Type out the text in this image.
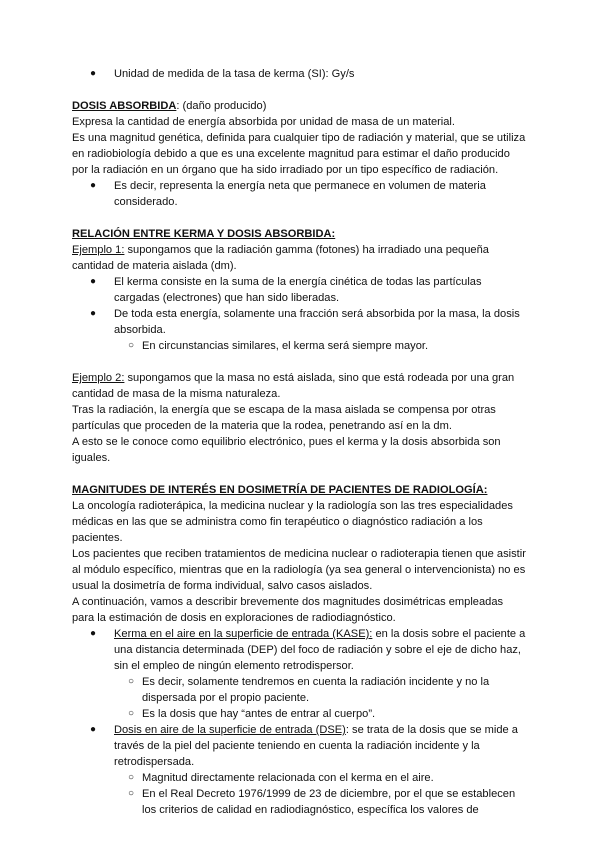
● Unidad de medida de la tasa de kerma (SI): Gy/s

DOSIS ABSORBIDA: (daño producido)

Expresa la cantidad de energía absorbida por unidad de masa de un material.

Es una magnitud genética, definida para cualquier tipo de radiación y material, que se utiliza en radiobiología debido a que es una excelente magnitud para estimar el daño producido por la radiación en un órgano que ha sido irradiado por un tipo específico de radiación.

● Es decir, representa la energía neta que permanece en volumen de materia considerado.

RELACIÓN ENTRE KERMA Y DOSIS ABSORBIDA:

Ejemplo 1: supongamos que la radiación gamma (fotones) ha irradiado una pequeña cantidad de materia aislada (dm).

● El kerma consiste en la suma de la energía cinética de todas las partículas cargadas (electrones) que han sido liberadas.
● De toda esta energía, solamente una fracción será absorbida por la masa, la dosis absorbida.
○ En circunstancias similares, el kerma será siempre mayor.

Ejemplo 2: supongamos que la masa no está aislada, sino que está rodeada por una gran cantidad de masa de la misma naturaleza.

Tras la radiación, la energía que se escapa de la masa aislada se compensa por otras partículas que proceden de la materia que la rodea, penetrando así en la dm.

A esto se le conoce como equilibrio electrónico, pues el kerma y la dosis absorbida son iguales.

MAGNITUDES DE INTERÉS EN DOSIMETRÍA DE PACIENTES DE RADIOLOGÍA:

La oncología radioterápica, la medicina nuclear y la radiología son las tres especialidades médicas en las que se administra como fin terapéutico o diagnóstico radiación a los pacientes.

Los pacientes que reciben tratamientos de medicina nuclear o radioterapia tienen que asistir al módulo específico, mientras que en la radiología (ya sea general o intervencionista) no es usual la dosimetría de forma individual, salvo casos aislados.

A continuación, vamos a describir brevemente dos magnitudes dosimétricas empleadas para la estimación de dosis en exploraciones de radiodiagnóstico.

● Kerma en el aire en la superficie de entrada (KASE): en la dosis sobre el paciente a una distancia determinada (DEP) del foco de radiación y sobre el eje de dicho haz, sin el empleo de ningún elemento retrodispersor.
○ Es decir, solamente tendremos en cuenta la radiación incidente y no la dispersada por el propio paciente.
○ Es la dosis que hay “antes de entrar al cuerpo”.
● Dosis en aire de la superficie de entrada (DSE): se trata de la dosis que se mide a través de la piel del paciente teniendo en cuenta la radiación incidente y la retrodispersada.
○ Magnitud directamente relacionada con el kerma en el aire.
○ En el Real Decreto 1976/1999 de 23 de diciembre, por el que se establecen los criterios de calidad en radiodiagnóstico, específica los valores de
